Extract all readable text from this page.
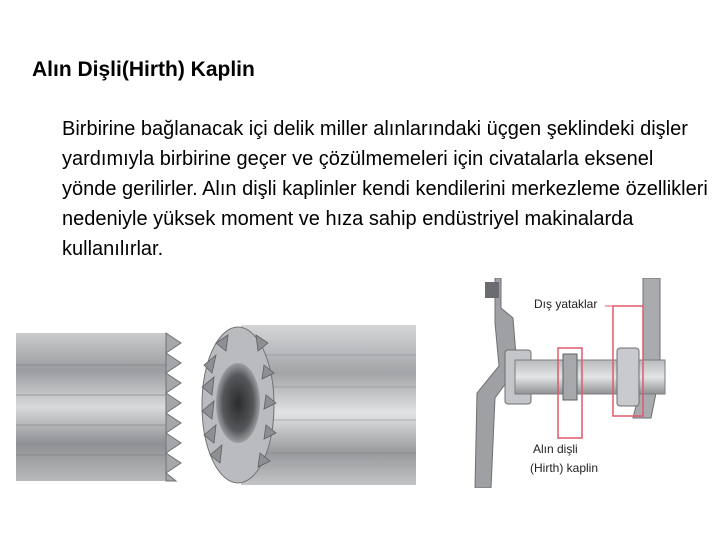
Alın Dişli(Hirth) Kaplin

Birbirine bağlanacak içi delik miller alınlarındaki üçgen şeklindeki dişler yardımıyla birbirine geçer ve çözülmemeleri için civatalarla eksenel yönde gerilirler. Alın dişli kaplinler kendi kendilerini merkezleme özellikleri nedeniyle yüksek moment ve hıza sahip endüstriyel makinalarda kullanılırlar.

Dış yataklar
Alın dişli
(Hirth) kaplin
